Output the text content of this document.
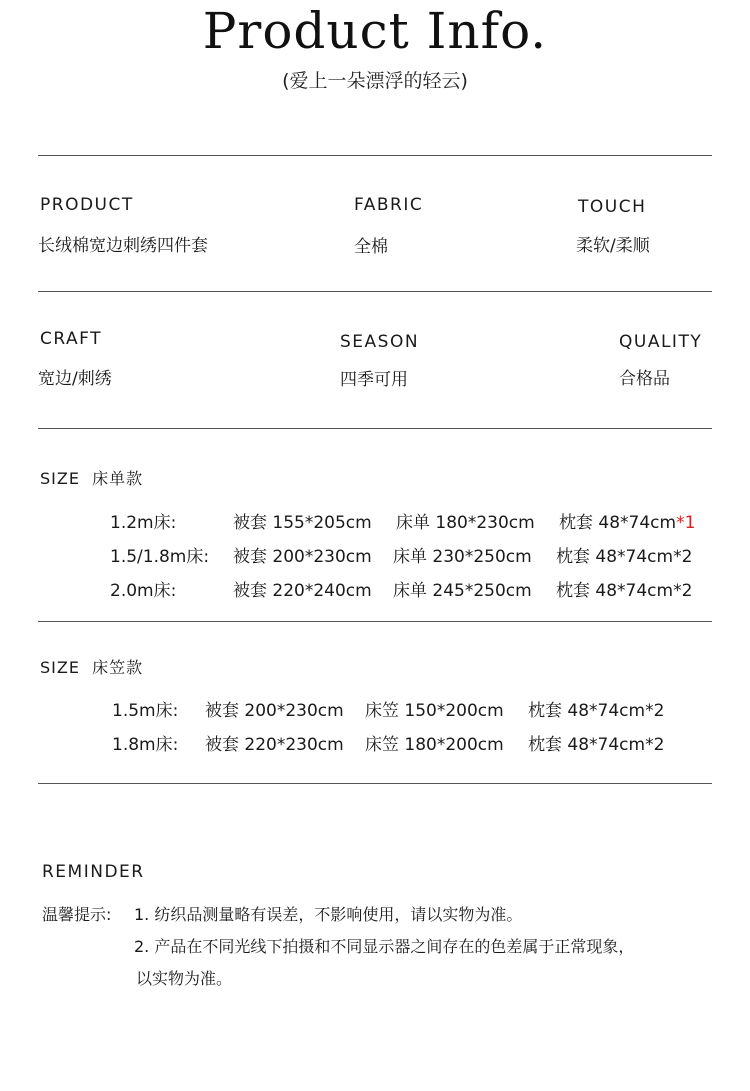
Product Info.
(爱上一朵漂浮的轻云)
PRODUCT
长绒棉宽边刺绣四件套
FABRIC
全棉
TOUCH
柔软/柔顺
CRAFT
宽边/刺绣
SEASON
四季可用
QUALITY
合格品
SIZE 床单款
1.2m床:	被套 155*205cm 床单 180*230cm 枕套 48*74cm*1
1.5/1.8m床: 被套 200*230cm 床单 230*250cm 枕套 48*74cm*2
2.0m床:	被套 220*240cm 床单 245*250cm 枕套 48*74cm*2
SIZE 床笠款
1.5m床: 被套 200*230cm 床笠 150*200cm 枕套 48*74cm*2
1.8m床: 被套 220*230cm 床笠 180*200cm 枕套 48*74cm*2
REMINDER
温馨提示: 1. 纺织品测量略有误差，不影响使用，请以实物为准。
2. 产品在不同光线下拍摄和不同显示器之间存在的色差属于正常现象，
以实物为准。
